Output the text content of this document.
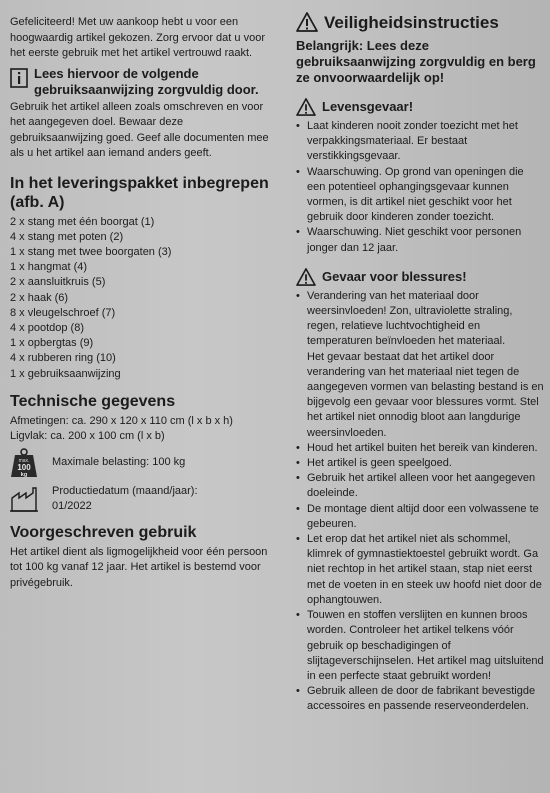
Gefeliciteerd! Met uw aankoop hebt u voor een hoogwaardig artikel gekozen. Zorg ervoor dat u voor het eerste gebruik met het artikel vertrouwd raakt.

Lees hiervoor de volgende gebruiksaanwijzing zorgvuldig door.

Gebruik het artikel alleen zoals omschreven en voor het aangegeven doel. Bewaar deze gebruiksaanwijzing goed. Geef alle documenten mee als u het artikel aan iemand anders geeft.

In het leveringspakket inbegrepen (afb. A)

2 x stang met één boorgat (1)
4 x stang met poten (2)
1 x stang met twee boorgaten (3)
1 x hangmat (4)
2 x aansluitkruis (5)
2 x haak (6)
8 x vleugelschroef (7)
4 x pootdop (8)
1 x opbergtas (9)
4 x rubberen ring (10)
1 x gebruiksaanwijzing

Technische gegevens

Afmetingen: ca. 290 x 120 x 110 cm (l x b x h)

Ligvlak: ca. 200 x 100 cm (l x b)

max.
100
kg

Maximale belasting: 100 kg

Productiedatum (maand/jaar):

01/2022

Voorgeschreven gebruik

Het artikel dient als ligmogelijkheid voor één persoon tot 100 kg vanaf 12 jaar. Het artikel is bestemd voor privégebruik.

Veiligheidsinstructies

Belangrijk: Lees deze gebruiksaanwijzing zorgvuldig en berg ze onvoorwaardelijk op!

Levensgevaar!

• Laat kinderen nooit zonder toezicht met het verpakkingsmateriaal. Er bestaat verstikkingsgevaar.
• Waarschuwing. Op grond van openingen die een potentieel ophangingsgevaar kunnen vormen, is dit artikel niet geschikt voor het gebruik door kinderen zonder toezicht.
• Waarschuwing. Niet geschikt voor personen jonger dan 12 jaar.

Gevaar voor blessures!

• Verandering van het materiaal door weersinvloeden! Zon, ultraviolette straling, regen, relatieve luchtvochtigheid en temperaturen beïnvloeden het materiaal.

Het gevaar bestaat dat het artikel door verandering van het materiaal niet tegen de aangegeven vormen van belasting bestand is en bijgevolg een gevaar voor blessures vormt. Stel het artikel niet onnodig bloot aan langdurige weersinvloeden.

• Houd het artikel buiten het bereik van kinderen.
• Het artikel is geen speelgoed.
• Gebruik het artikel alleen voor het aangegeven doeleinde.
• De montage dient altijd door een volwassene te gebeuren.
• Let erop dat het artikel niet als schommel, klimrek of gymnastiektoestel gebruikt wordt. Ga niet rechtop in het artikel staan, stap niet eerst met de voeten in en steek uw hoofd niet door de ophangtouwen.
• Touwen en stoffen verslijten en kunnen broos worden. Controleer het artikel telkens vóór gebruik op beschadigingen of slijtageverschijnselen. Het artikel mag uitsluitend in een perfecte staat gebruikt worden!
• Gebruik alleen de door de fabrikant bevestigde accessoires en passende reserveonderdelen.
